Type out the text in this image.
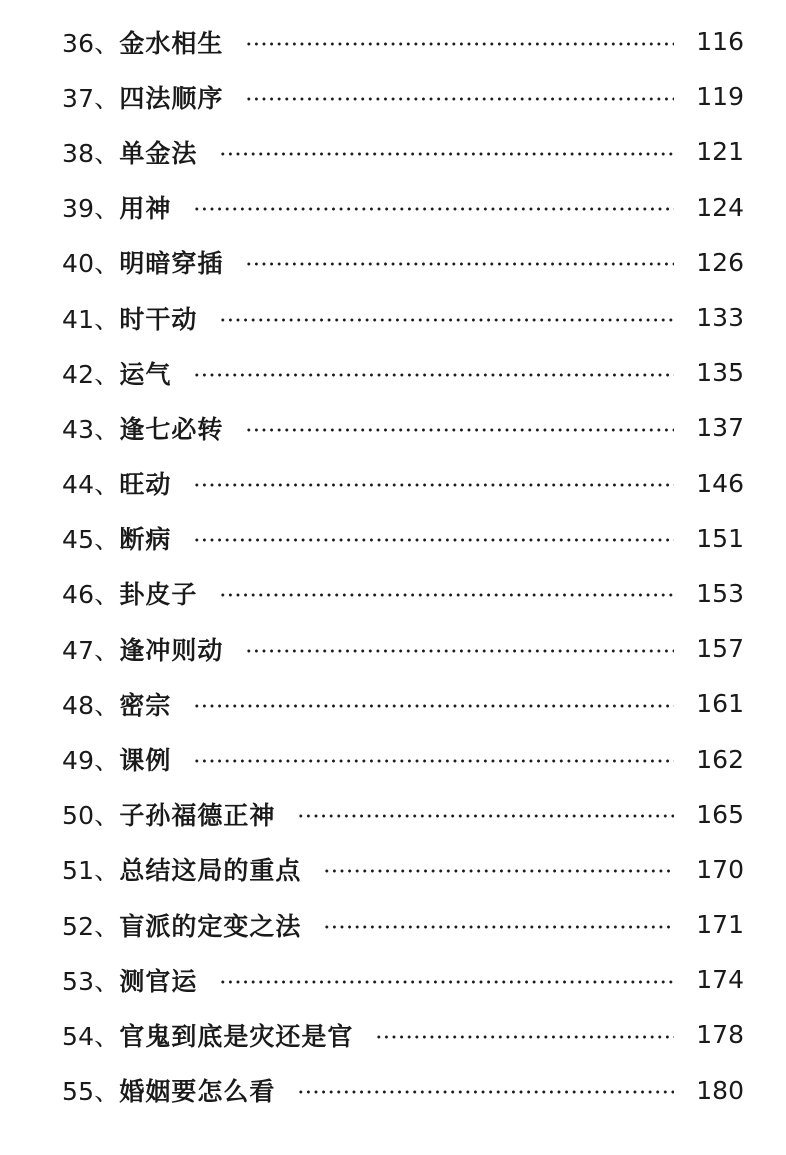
36、 金水相生	116
37、 四法顺序	119
38、 单金法	121
39、 用神	124
40、 明暗穿插	126
41、 时干动	133
42、 运气	135
43、 逢七必转	137
44、 旺动	146
45、 断病	151
46、 卦皮子	153
47、 逢冲则动	157
48、 密宗	161
49、 课例	162
50、 子孙福德正神	165
51、 总结这局的重点	170
52、 盲派的定变之法	171
53、 测官运	174
54、 官鬼到底是灾还是官	178
55、 婚姻要怎么看	180
